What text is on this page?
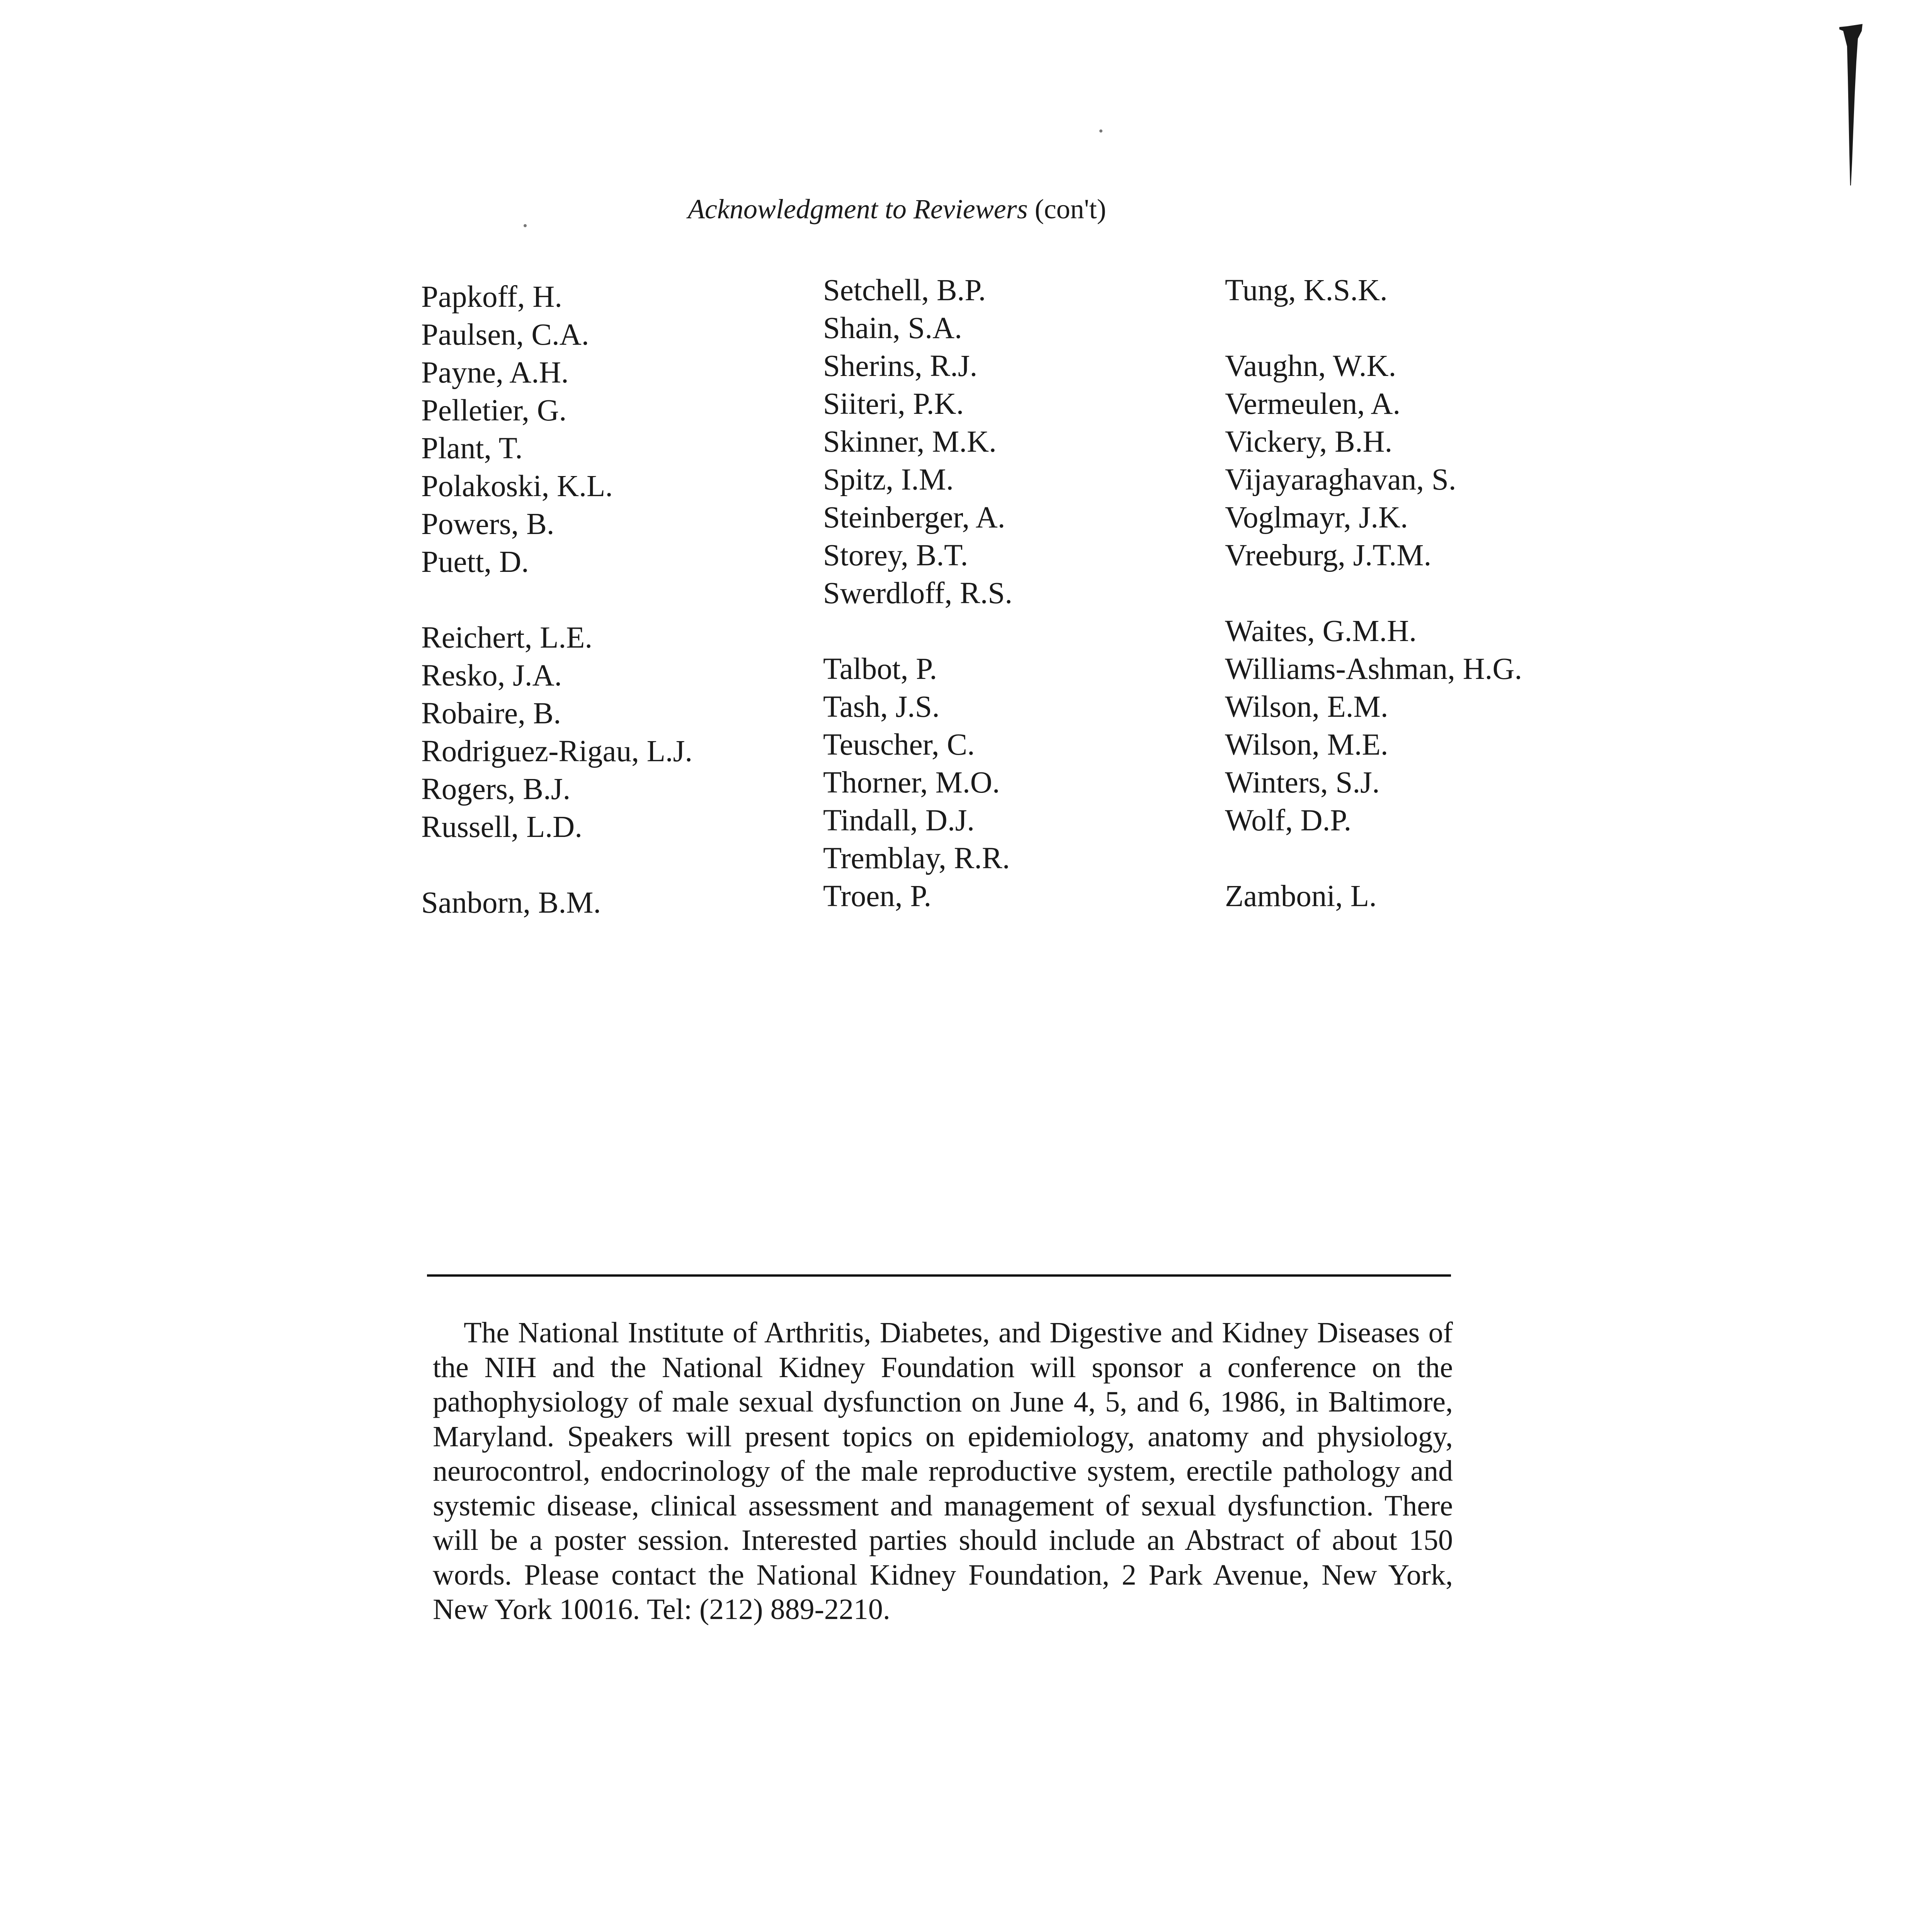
Acknowledgment to Reviewers (con't)
Papkoff, H.
Paulsen, C.A.
Payne, A.H.
Pelletier, G.
Plant, T.
Polakoski, K.L.
Powers, B.
Puett, D.
Reichert, L.E.
Resko, J.A.
Robaire, B.
Rodriguez-Rigau, L.J.
Rogers, B.J.
Russell, L.D.
Sanborn, B.M.
Setchell, B.P.
Shain, S.A.
Sherins, R.J.
Siiteri, P.K.
Skinner, M.K.
Spitz, I.M.
Steinberger, A.
Storey, B.T.
Swerdloff, R.S.
Talbot, P.
Tash, J.S.
Teuscher, C.
Thorner, M.O.
Tindall, D.J.
Tremblay, R.R.
Troen, P.
Tung, K.S.K.
Vaughn, W.K.
Vermeulen, A.
Vickery, B.H.
Vijayaraghavan, S.
Voglmayr, J.K.
Vreeburg, J.T.M.
Waites, G.M.H.
Williams-Ashman, H.G.
Wilson, E.M.
Wilson, M.E.
Winters, S.J.
Wolf, D.P.
Zamboni, L.
The National Institute of Arthritis, Diabetes, and Digestive and Kidney Diseases of the NIH and the National Kidney Foundation will sponsor a conference on the pathophysiology of male sexual dysfunction on June 4, 5, and 6, 1986, in Baltimore, Maryland. Speakers will present topics on epidemiology, anatomy and physiology, neurocontrol, endocrinology of the male reproductive system, erectile pathology and systemic disease, clinical assessment and management of sexual dysfunction. There will be a poster session. Interested parties should include an Abstract of about 150 words. Please contact the National Kidney Foundation, 2 Park Avenue, New York, New York 10016. Tel: (212) 889-2210.
